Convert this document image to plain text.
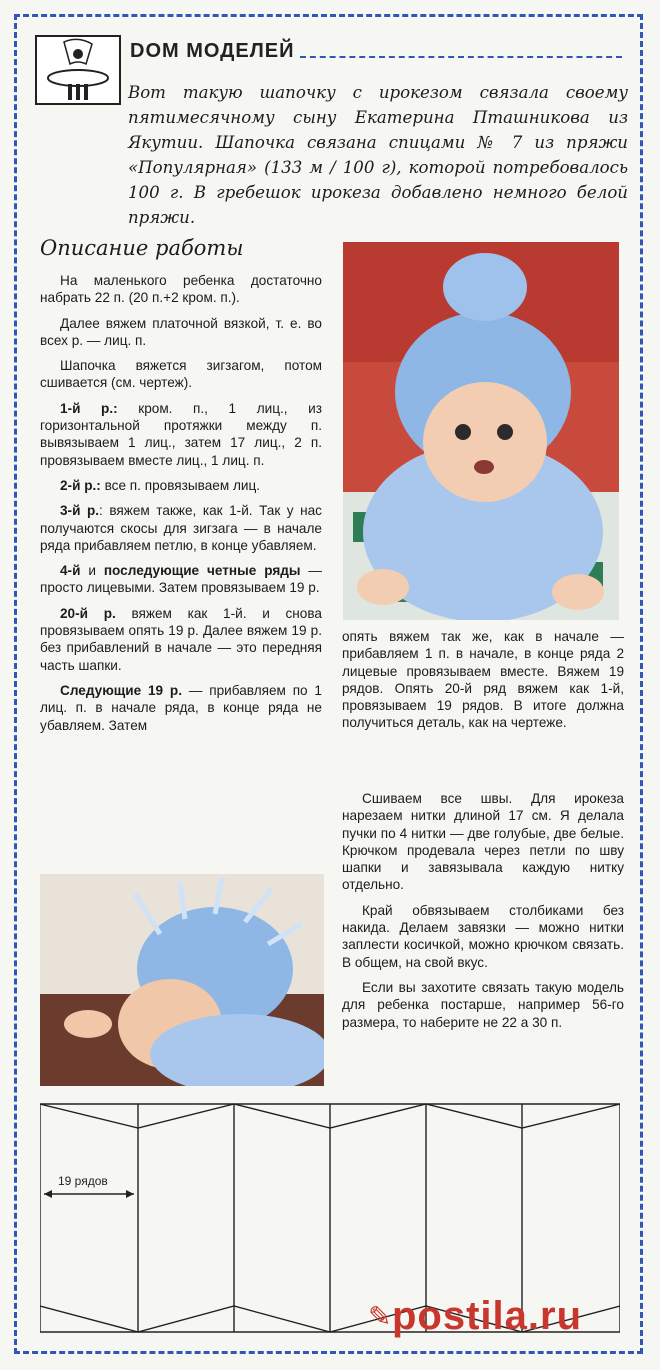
DOM МОДЕЛЕЙ
Вот такую шапочку с ирокезом связала своему пятимесячному сыну Екатерина Пташникова из Якутии. Шапочка связана спицами № 7 из пряжи «Популярная» (133 м / 100 г), которой потребовалось 100 г. В гребешок ирокеза добавлено немного белой пряжи.
Описание работы

На маленького ребенка достаточно набрать 22 п. (20 п.+2 кром. п.).

Далее вяжем платочной вязкой, т. е. во всех р. — лиц. п.

Шапочка вяжется зигзагом, потом сшивается (см. чертеж).

1-й р.: кром. п., 1 лиц., из горизонтальной протяжки между п. вывязываем 1 лиц., затем 17 лиц., 2 п. провязываем вместе лиц., 1 лиц. п.

2-й р.: все п. провязываем лиц.

3-й р.: вяжем также, как 1-й. Так у нас получаются скосы для зигзага — в начале ряда прибавляем петлю, в конце убавляем.

4-й и последующие четные ряды — просто лицевыми. Затем провязываем 19 р.

20-й р. вяжем как 1-й. и снова провязываем опять 19 р. Далее вяжем 19 р. без прибавлений в начале — это передняя часть шапки.

Следующие 19 р. — прибавляем по 1 лиц. п. в начале ряда, в конце ряда не убавляем. Затем

опять вяжем так же, как в начале — прибавляем 1 п. в начале, в конце ряда 2 лицевые провязываем вместе. Вяжем 19 рядов. Опять 20-й ряд вяжем как 1-й, провязываем 19 рядов. В итоге должна получиться деталь, как на чертеже.

Сшиваем все швы. Для ирокеза нарезаем нитки длиной 17 см. Я делала пучки по 4 нитки — две голубые, две белые. Крючком продевала через петли по шву шапки и завязывала каждую нитку отдельно.

Край обвязываем столбиками без накида. Делаем завязки — можно нитки заплести косичкой, можно крючком связать. В общем, на свой вкус.

Если вы захотите связать такую модель для ребенка постарше, например 56-го размера, то наберите не 22 а 30 п.

19 рядов
✎ postila.ru
